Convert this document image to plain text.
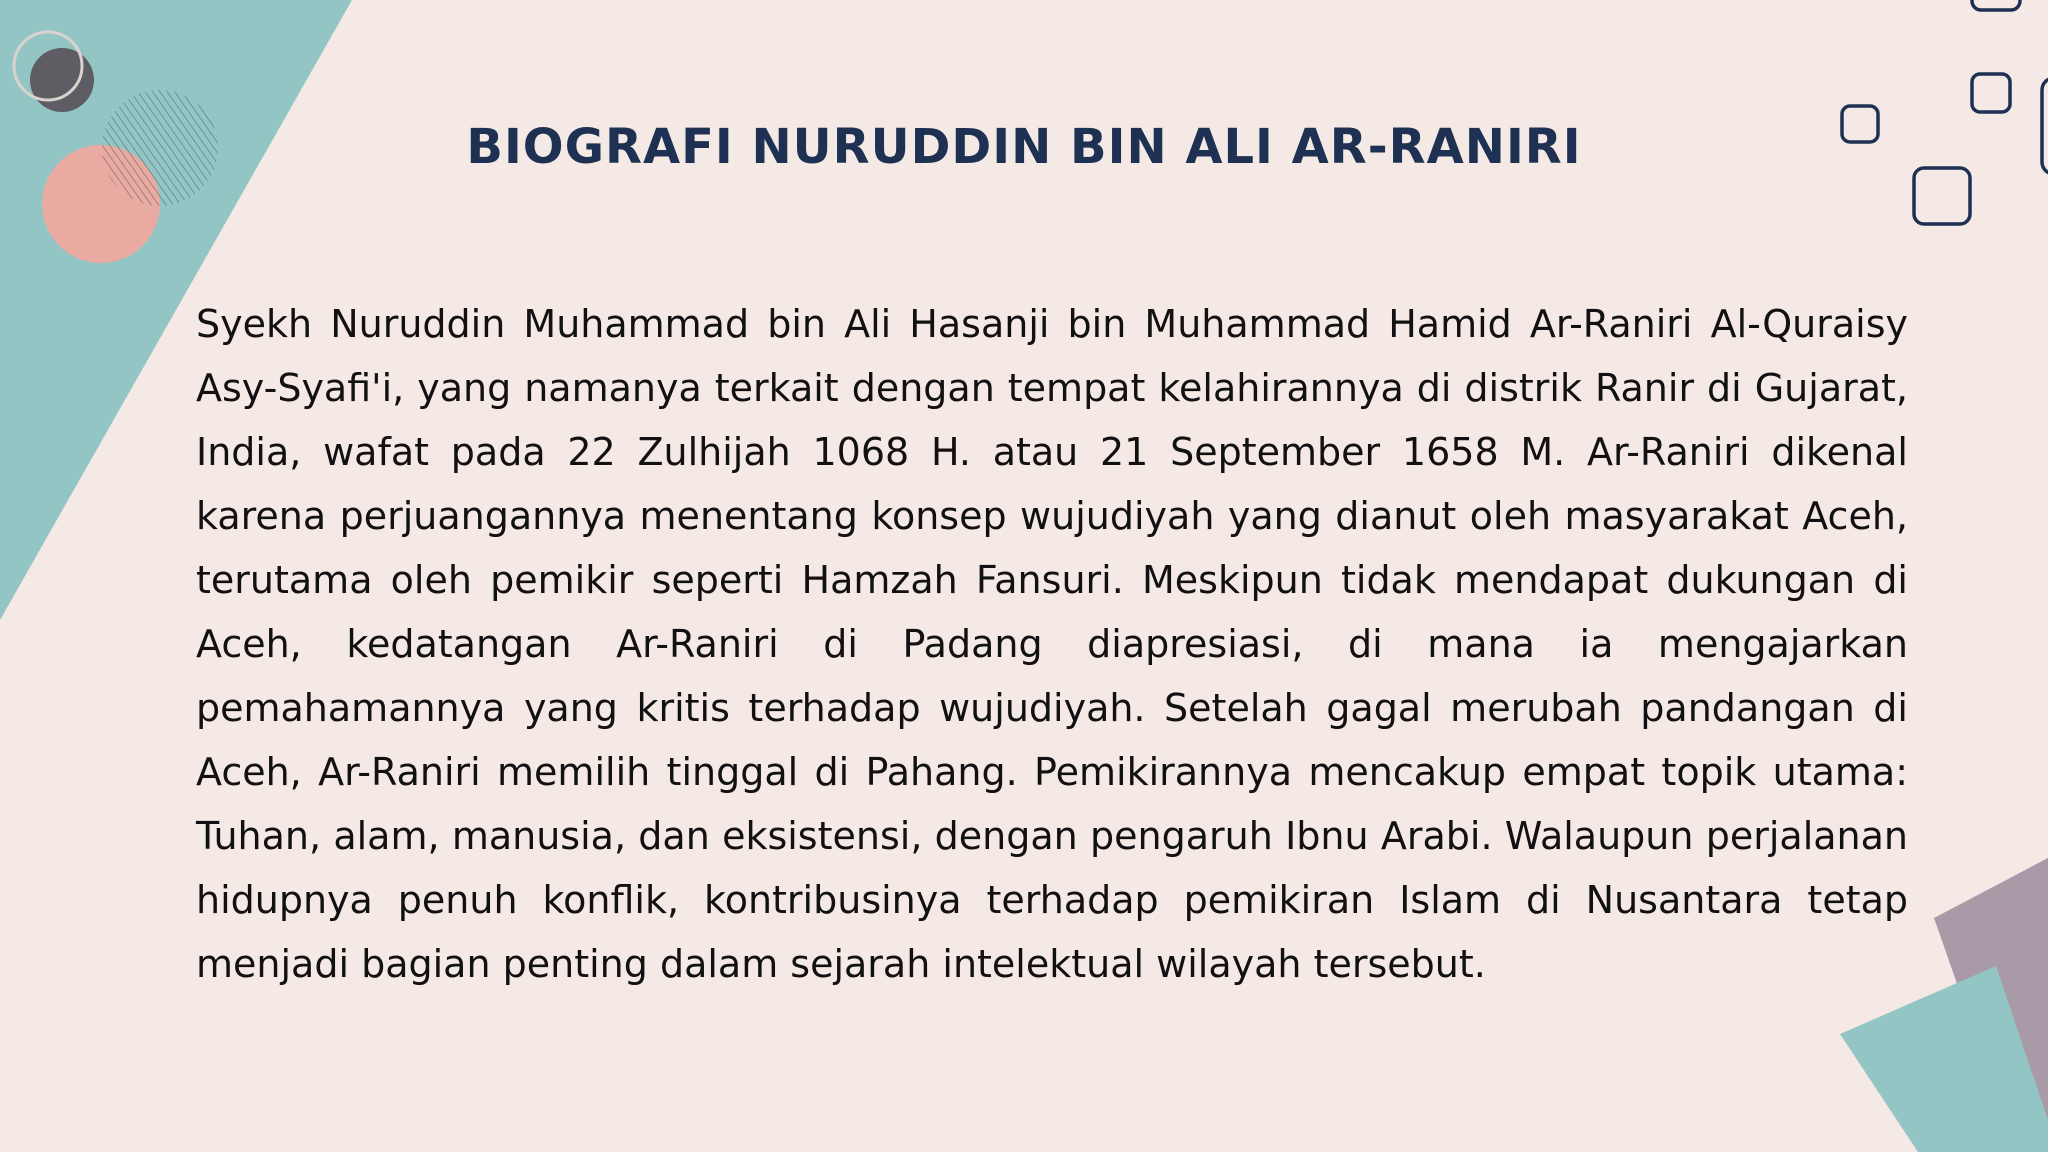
BIOGRAFI NURUDDIN BIN ALI AR-RANIRI

Syekh Nuruddin Muhammad bin Ali Hasanji bin Muhammad Hamid Ar-Raniri Al-Quraisy Asy-Syafi'i, yang namanya terkait dengan tempat kelahirannya di distrik Ranir di Gujarat, India, wafat pada 22 Zulhijah 1068 H. atau 21 September 1658 M. Ar-Raniri dikenal karena perjuangannya menentang konsep wujudiyah yang dianut oleh masyarakat Aceh, terutama oleh pemikir seperti Hamzah Fansuri. Meskipun tidak mendapat dukungan di Aceh, kedatangan Ar-Raniri di Padang diapresiasi, di mana ia mengajarkan pemahamannya yang kritis terhadap wujudiyah. Setelah gagal merubah pandangan di Aceh, Ar-Raniri memilih tinggal di Pahang. Pemikirannya mencakup empat topik utama: Tuhan, alam, manusia, dan eksistensi, dengan pengaruh Ibnu Arabi. Walaupun perjalanan hidupnya penuh konflik, kontribusinya terhadap pemikiran Islam di Nusantara tetap menjadi bagian penting dalam sejarah intelektual wilayah tersebut.
